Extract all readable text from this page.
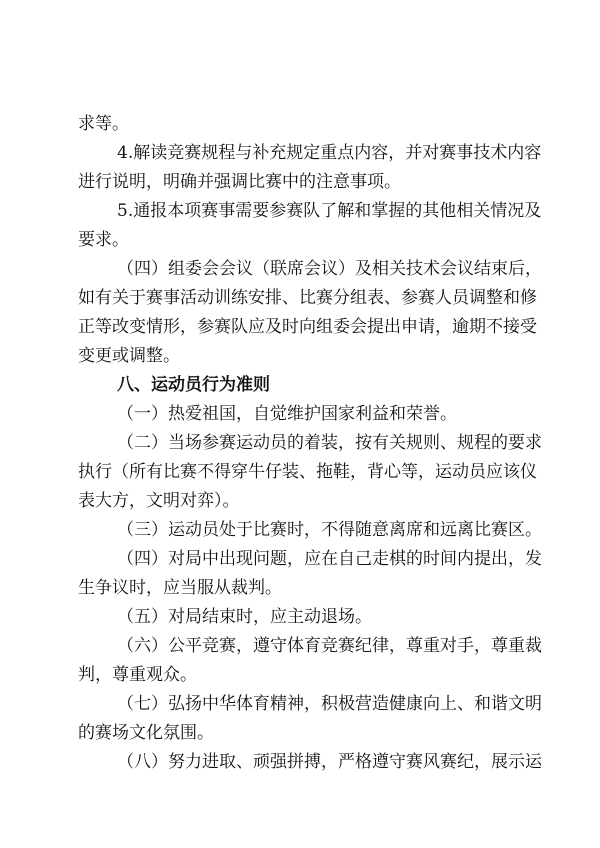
求等。
4.解读竞赛规程与补充规定重点内容，并对赛事技术内容
进行说明，明确并强调比赛中的注意事项。
5.通报本项赛事需要参赛队了解和掌握的其他相关情况及
要求。
（四）组委会会议（联席会议）及相关技术会议结束后，
如有关于赛事活动训练安排、比赛分组表、参赛人员调整和修
正等改变情形，参赛队应及时向组委会提出申请，逾期不接受
变更或调整。
八、运动员行为准则
（一）热爱祖国，自觉维护国家利益和荣誉。
（二）当场参赛运动员的着装，按有关规则、规程的要求
执行（所有比赛不得穿牛仔装、拖鞋，背心等，运动员应该仪
表大方，文明对弈）。
（三）运动员处于比赛时，不得随意离席和远离比赛区。
（四）对局中出现问题，应在自己走棋的时间内提出，发
生争议时，应当服从裁判。
（五）对局结束时，应主动退场。
（六）公平竞赛，遵守体育竞赛纪律，尊重对手，尊重裁
判，尊重观众。
（七）弘扬中华体育精神，积极营造健康向上、和谐文明
的赛场文化氛围。
（八）努力进取、顽强拼搏，严格遵守赛风赛纪，展示运
